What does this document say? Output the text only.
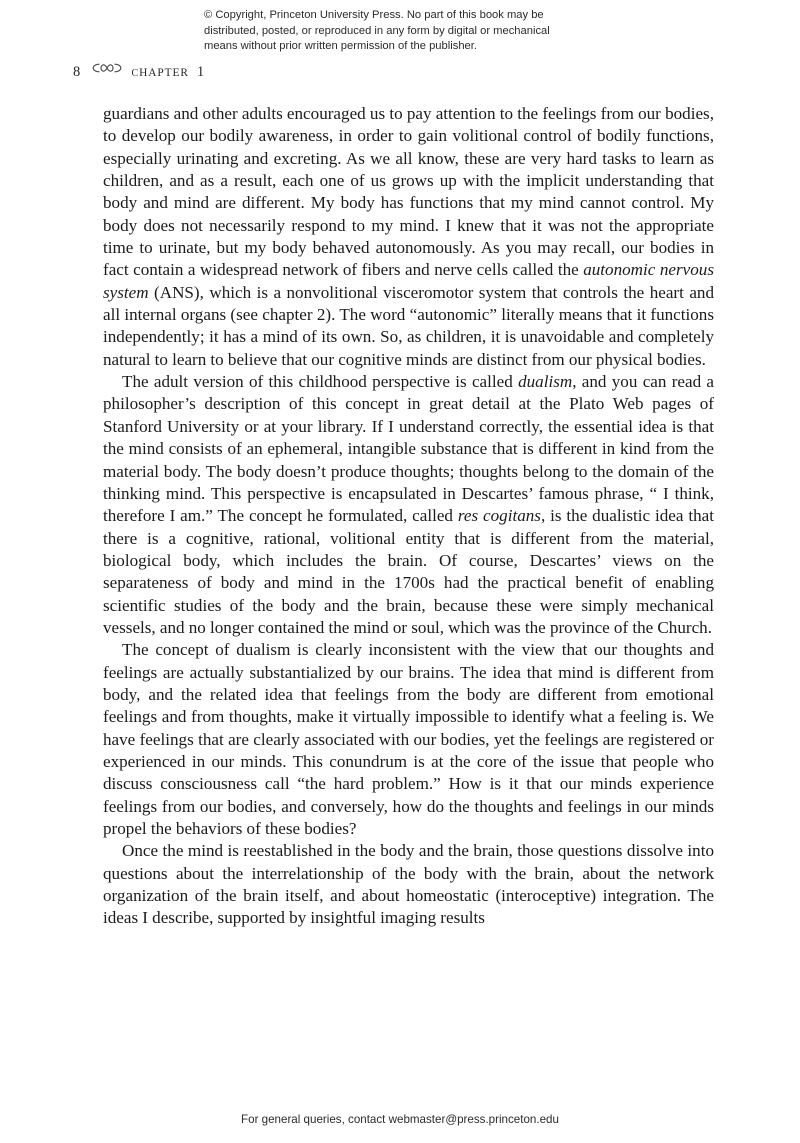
© Copyright, Princeton University Press. No part of this book may be
distributed, posted, or reproduced in any form by digital or mechanical
means without prior written permission of the publisher.
8	cHAPTER 1

guardians and other adults encouraged us to pay attention to the feelings from our bodies, to develop our bodily awareness, in order to gain volitional control of bodily functions, especially urinating and excreting. As we all know, these are very hard tasks to learn as children, and as a result, each one of us grows up with the implicit understanding that body and mind are different. My body has functions that my mind cannot control. My body does not necessarily respond to my mind. I knew that it was not the appropriate time to urinate, but my body behaved autonomously. As you may recall, our bodies in fact contain a widespread network of fibers and nerve cells called the autonomic nervous system (ANS), which is a nonvolitional visceromotor system that controls the heart and all internal organs (see chapter 2). The word “autonomic” literally means that it functions independently; it has a mind of its own. So, as children, it is unavoidable and completely natural to learn to believe that our cognitive minds are distinct from our physical bodies.

The adult version of this childhood perspective is called dualism, and you can read a philosopher’s description of this concept in great detail at the Plato Web pages of Stanford University or at your library. If I understand correctly, the essential idea is that the mind consists of an ephemeral, intangible substance that is different in kind from the material body. The body doesn’t produce thoughts; thoughts belong to the domain of the thinking mind. This perspective is encapsulated in Descartes’ famous phrase, “ I think, therefore I am.” The concept he formulated, called res cogitans, is the dualistic idea that there is a cognitive, rational, volitional entity that is different from the material, biological body, which includes the brain. Of course, Descartes’ views on the separateness of body and mind in the 1700s had the practical benefit of enabling scientific studies of the body and the brain, because these were simply mechanical vessels, and no longer contained the mind or soul, which was the province of the Church.

The concept of dualism is clearly inconsistent with the view that our thoughts and feelings are actually substantialized by our brains. The idea that mind is different from body, and the related idea that feelings from the body are different from emotional feelings and from thoughts, make it virtually impossible to identify what a feeling is. We have feelings that are clearly associated with our bodies, yet the feelings are registered or experienced in our minds. This conundrum is at the core of the issue that people who discuss consciousness call “the hard problem.” How is it that our minds experience feelings from our bodies, and conversely, how do the thoughts and feelings in our minds propel the behaviors of these bodies?

Once the mind is reestablished in the body and the brain, those questions dissolve into questions about the interrelationship of the body with the brain, about the network organization of the brain itself, and about homeostatic (interoceptive) integration. The ideas I describe, supported by insightful imaging results

For general queries, contact webmaster@press.princeton.edu
